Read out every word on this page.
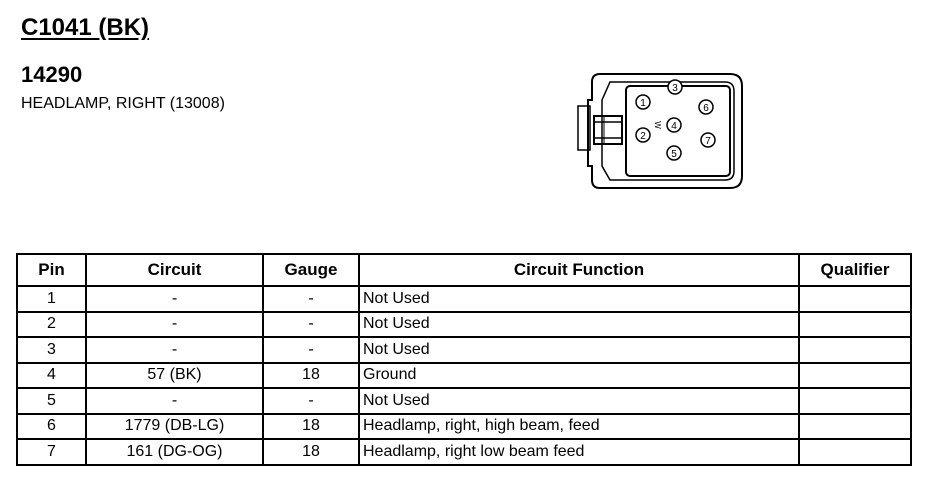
C1041 (BK)
14290
HEADLAMP, RIGHT (13008)	1
2
3
4
5
6
7
W
Pin	Circuit	Gauge	Circuit Function	Qualifier
1	-	-	Not Used	
2	-	-	Not Used	
3	-	-	Not Used	
4	57 (BK)	18	Ground	
5	-	-	Not Used	
6	1779 (DB-LG)	18	Headlamp, right, high beam, feed	
7	161 (DG-OG)	18	Headlamp, right low beam feed	
